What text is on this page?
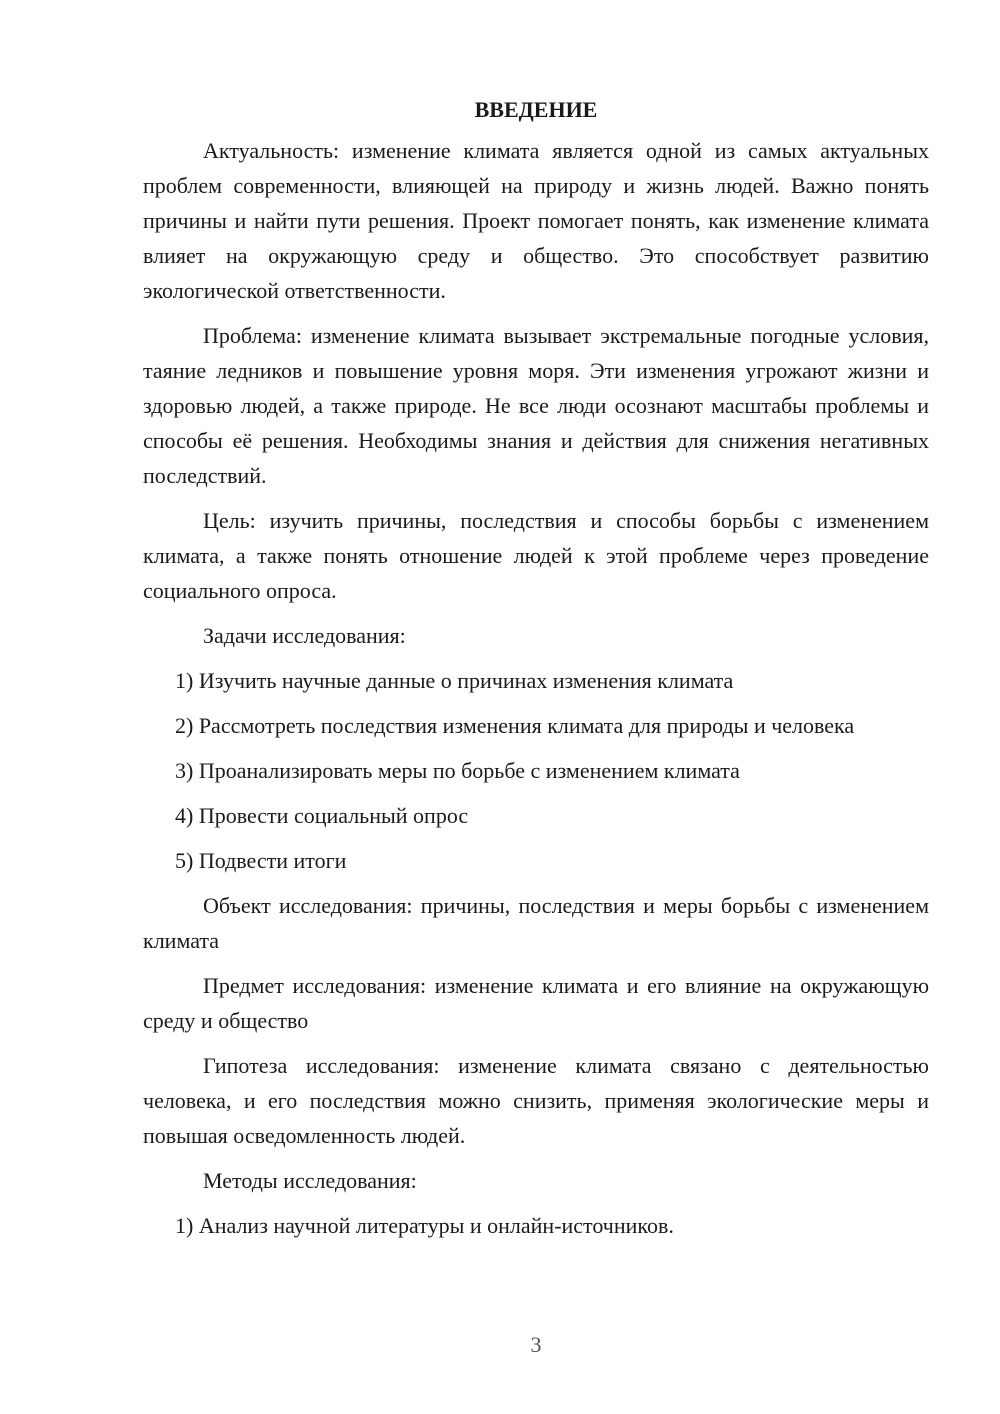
ВВЕДЕНИЕ

Актуальность: изменение климата является одной из самых актуальных проблем современности, влияющей на природу и жизнь людей. Важно понять причины и найти пути решения. Проект помогает понять, как изменение климата влияет на окружающую среду и общество. Это способствует развитию экологической ответственности.

Проблема: изменение климата вызывает экстремальные погодные условия, таяние ледников и повышение уровня моря. Эти изменения угрожают жизни и здоровью людей, а также природе. Не все люди осознают масштабы проблемы и способы её решения. Необходимы знания и действия для снижения негативных последствий.

Цель: изучить причины, последствия и способы борьбы с изменением климата, а также понять отношение людей к этой проблеме через проведение социального опроса.

Задачи исследования:

1) Изучить научные данные о причинах изменения климата

2) Рассмотреть последствия изменения климата для природы и человека

3) Проанализировать меры по борьбе с изменением климата

4) Провести социальный опрос

5) Подвести итоги

Объект исследования: причины, последствия и меры борьбы с изменением климата

Предмет исследования: изменение климата и его влияние на окружающую среду и общество

Гипотеза исследования: изменение климата связано с деятельностью человека, и его последствия можно снизить, применяя экологические меры и повышая осведомленность людей.

Методы исследования:

1) Анализ научной литературы и онлайн-источников.

3
